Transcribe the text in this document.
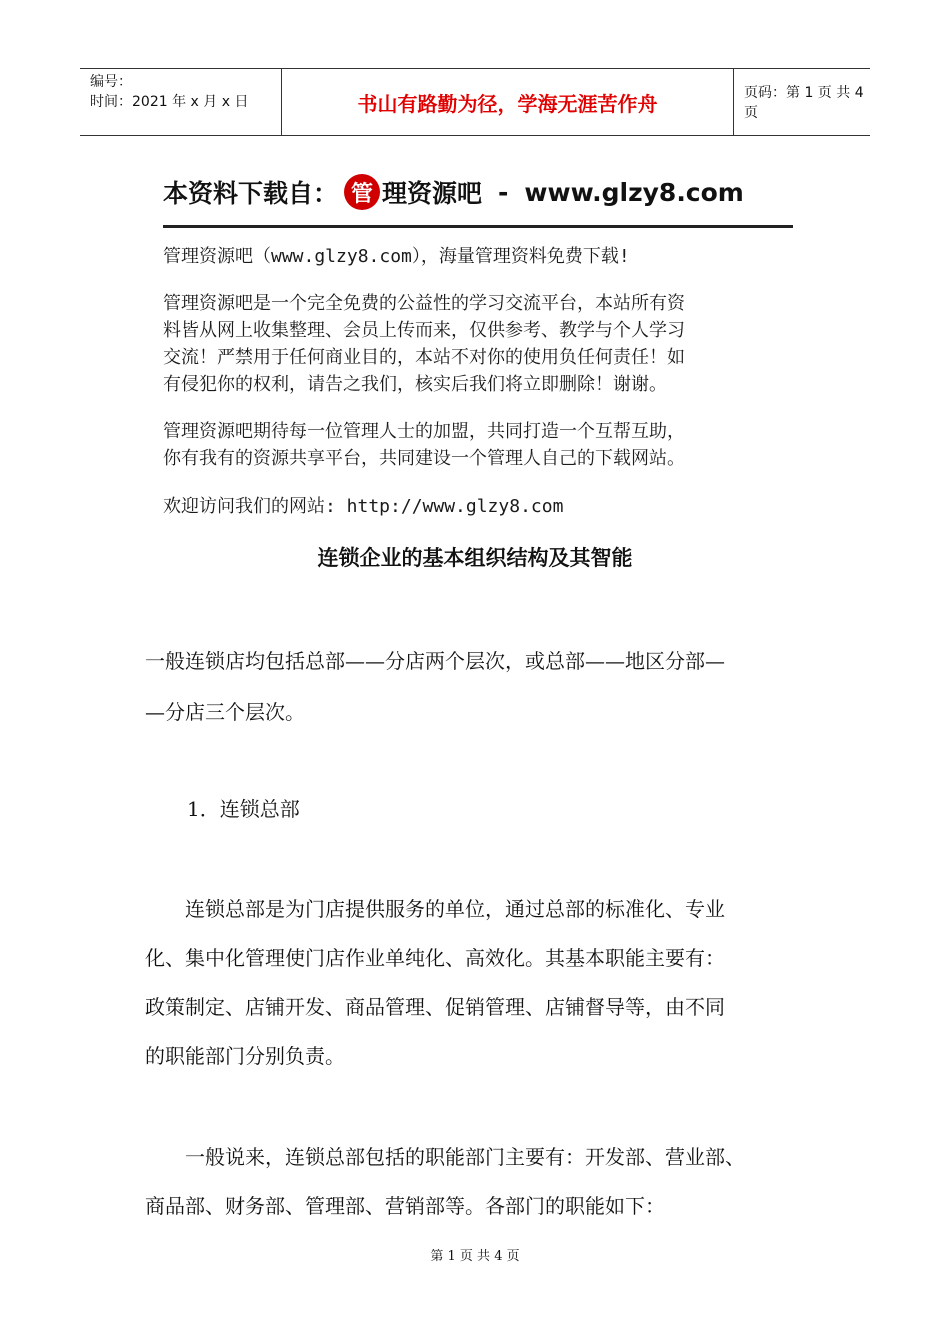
编号：
时间：2021 年 x 月 x 日	书山有路勤为径，学海无涯苦作舟	页码：第 1 页 共 4 页
本资料下载自： 管 理资源吧 - www.glzy8.com
管理资源吧（www.glzy8.com），海量管理资料免费下载!
管理资源吧是一个完全免费的公益性的学习交流平台，本站所有资
料皆从网上收集整理、会员上传而来，仅供参考、教学与个人学习
交流！严禁用于任何商业目的，本站不对你的使用负任何责任！如
有侵犯你的权利，请告之我们，核实后我们将立即删除！谢谢。
管理资源吧期待每一位管理人士的加盟，共同打造一个互帮互助，
你有我有的资源共享平台，共同建设一个管理人自己的下载网站。
欢迎访问我们的网站: http://www.glzy8.com
连锁企业的基本组织结构及其智能
一般连锁店均包括总部——分店两个层次，或总部——地区分部—
—分店三个层次。
1．连锁总部
　　连锁总部是为门店提供服务的单位，通过总部的标准化、专业
化、集中化管理使门店作业单纯化、高效化。其基本职能主要有：
政策制定、店铺开发、商品管理、促销管理、店铺督导等，由不同
的职能部门分别负责。
　　一般说来，连锁总部包括的职能部门主要有：开发部、营业部、
商品部、财务部、管理部、营销部等。各部门的职能如下：
第 1 页 共 4 页
